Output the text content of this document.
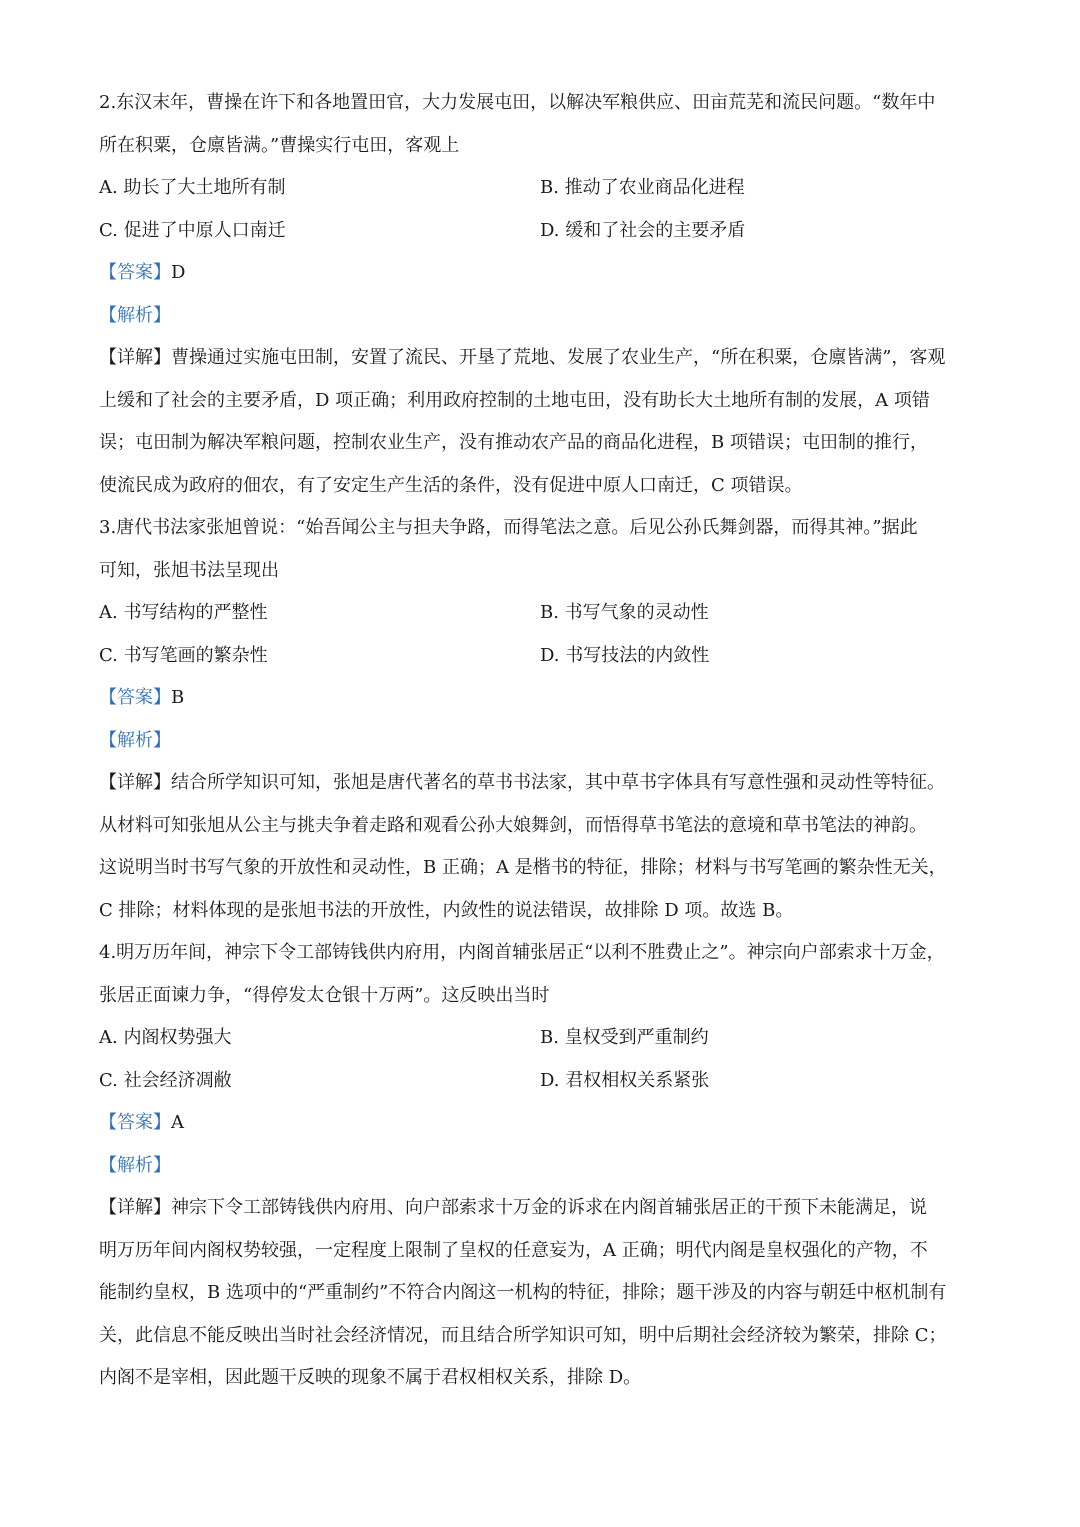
2.东汉末年，曹操在许下和各地置田官，大力发展屯田，以解决军粮供应、田亩荒芜和流民问题。“数年中
所在积粟，仓廪皆满。”曹操实行屯田，客观上
A. 助长了大土地所有制	B. 推动了农业商品化进程
C. 促进了中原人口南迁	D. 缓和了社会的主要矛盾
【答案】D
【解析】
【详解】曹操通过实施屯田制，安置了流民、开垦了荒地、发展了农业生产，“所在积粟，仓廪皆满”，客观
上缓和了社会的主要矛盾，D 项正确；利用政府控制的土地屯田，没有助长大土地所有制的发展，A 项错
误；屯田制为解决军粮问题，控制农业生产，没有推动农产品的商品化进程，B 项错误；屯田制的推行，
使流民成为政府的佃农，有了安定生产生活的条件，没有促进中原人口南迁，C 项错误。
3.唐代书法家张旭曾说：“始吾闻公主与担夫争路，而得笔法之意。后见公孙氏舞剑器，而得其神。”据此
可知，张旭书法呈现出
A. 书写结构的严整性	B. 书写气象的灵动性
C. 书写笔画的繁杂性	D. 书写技法的内敛性
【答案】B
【解析】
【详解】结合所学知识可知，张旭是唐代著名的草书书法家，其中草书字体具有写意性强和灵动性等特征。
从材料可知张旭从公主与挑夫争着走路和观看公孙大娘舞剑，而悟得草书笔法的意境和草书笔法的神韵。
这说明当时书写气象的开放性和灵动性，B 正确；A 是楷书的特征，排除；材料与书写笔画的繁杂性无关，
C 排除；材料体现的是张旭书法的开放性，内敛性的说法错误，故排除 D 项。故选 B。
4.明万历年间，神宗下令工部铸钱供内府用，内阁首辅张居正“以利不胜费止之”。神宗向户部索求十万金，
张居正面谏力争，“得停发太仓银十万两”。这反映出当时
A. 内阁权势强大	B. 皇权受到严重制约
C. 社会经济凋敝	D. 君权相权关系紧张
【答案】A
【解析】
【详解】神宗下令工部铸钱供内府用、向户部索求十万金的诉求在内阁首辅张居正的干预下未能满足，说
明万历年间内阁权势较强，一定程度上限制了皇权的任意妄为，A 正确；明代内阁是皇权强化的产物，不
能制约皇权，B 选项中的“严重制约”不符合内阁这一机构的特征，排除；题干涉及的内容与朝廷中枢机制有
关，此信息不能反映出当时社会经济情况，而且结合所学知识可知，明中后期社会经济较为繁荣，排除 C；
内阁不是宰相，因此题干反映的现象不属于君权相权关系，排除 D。
